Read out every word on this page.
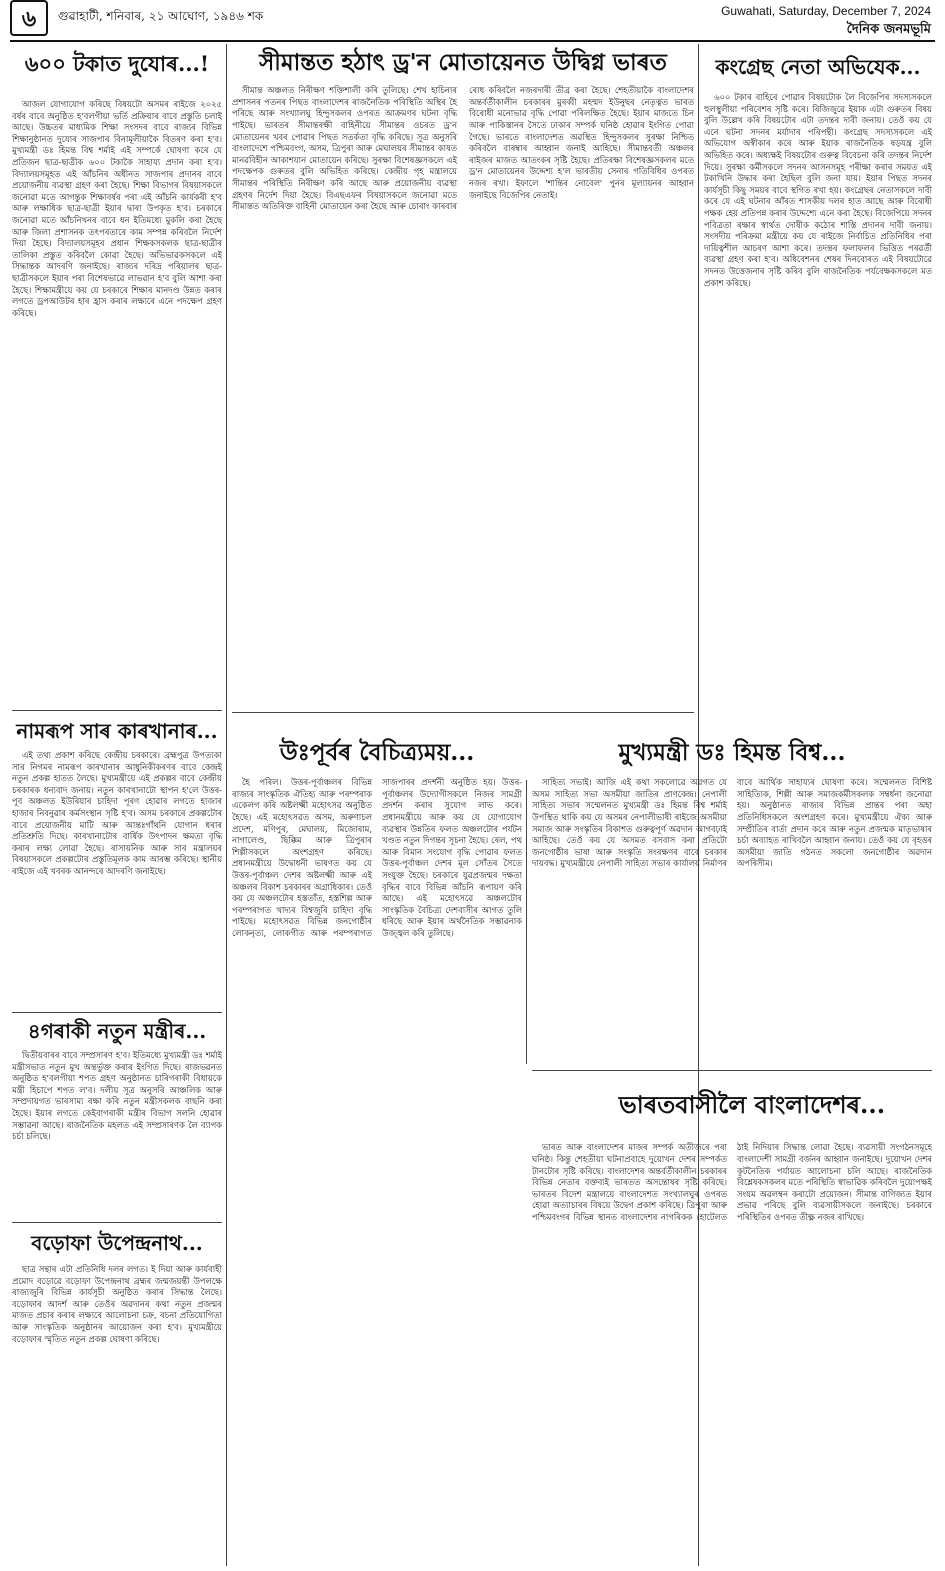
৬	গুৱাহাটী, শনিবাৰ, ২১ আঘোণ, ১৯৪৬ শক	Guwahati, Saturday, December 7, 2024
দৈনিক জনমভূমি
৬০০ টকাত দুযোৰ...!

আজল যোগাযোগ কৰিছে বিষয়টো অসমৰ ৰাইজে ২০২৫ বৰ্ষৰ বাবে অনুষ্ঠিত হ'বলগীয়া ভৰ্তি প্ৰক্ৰিয়াৰ বাবে প্ৰস্তুতি চলাই আছে। উচ্চতৰ মাধ্যমিক শিক্ষা সংসদৰ বাবে ৰাজ্যৰ বিভিন্ন শিক্ষানুষ্ঠানত দুযোৰ সাজপাৰ বিনামূলীয়াকৈ বিতৰণ কৰা হ'ব। মুখ্যমন্ত্ৰী ডঃ হিমন্ত বিশ্ব শৰ্মাই এই সম্পৰ্কে ঘোষণা কৰে যে প্ৰতিজন ছাত্ৰ-ছাত্ৰীক ৬০০ টকাকৈ সাহায্য প্ৰদান কৰা হ'ব। বিদ্যালয়সমূহত এই আঁচনিৰ অধীনত সাজপাৰ প্ৰদানৰ বাবে প্ৰয়োজনীয় ব্যৱস্থা গ্ৰহণ কৰা হৈছে। শিক্ষা বিভাগৰ বিষয়াসকলে জনোৱা মতে আগন্তুক শিক্ষাবৰ্ষৰ পৰা এই আঁচনি কাৰ্যকৰী হ'ব আৰু লক্ষাধিক ছাত্ৰ-ছাত্ৰী ইয়াৰ দ্বাৰা উপকৃত হ'ব। চৰকাৰে জনোৱা মতে আঁচনিখনৰ বাবে ধন ইতিমধ্যে মুকলি কৰা হৈছে আৰু জিলা প্ৰশাসনক তৎপৰতাৰে কাম সম্পন্ন কৰিবলৈ নিৰ্দেশ দিয়া হৈছে। বিদ্যালয়সমূহৰ প্ৰধান শিক্ষকসকলক ছাত্ৰ-ছাত্ৰীৰ তালিকা প্ৰস্তুত কৰিবলৈ কোৱা হৈছে। অভিভাৱকসকলে এই সিদ্ধান্তক আদৰণি জনাইছে। ৰাজ্যৰ দৰিদ্ৰ পৰিয়ালৰ ছাত্ৰ-ছাত্ৰীসকলে ইয়াৰ পৰা বিশেষভাৱে লাভৱান হ'ব বুলি আশা কৰা হৈছে। শিক্ষামন্ত্ৰীয়ে কয় যে চৰকাৰে শিক্ষাৰ মানদণ্ড উন্নত কৰাৰ লগতে ড্ৰপআউটৰ হাৰ হ্ৰাস কৰাৰ লক্ষ্যৰে এনে পদক্ষেপ গ্ৰহণ কৰিছে।

নামৰূপ সাৰ কাৰখানাৰ...

এই তথ্য প্ৰকাশ কৰিছে কেন্দ্ৰীয় চৰকাৰে। ব্ৰহ্মপুত্ৰ উপত্যকা সাৰ নিগমৰ নামৰূপ কাৰখানাৰ আধুনিকীকৰণৰ বাবে কেন্দ্ৰই নতুন প্ৰকল্প হাতত লৈছে। মুখ্যমন্ত্ৰীয়ে এই প্ৰকল্পৰ বাবে কেন্দ্ৰীয় চৰকাৰক ধন্যবাদ জনায়। নতুন কাৰখানাটো স্থাপন হ'লে উত্তৰ-পূব অঞ্চলত ইউৰিয়াৰ চাহিদা পূৰণ হোৱাৰ লগতে হাজাৰ হাজাৰ নিবনুৱাৰ কৰ্মসংস্থান সৃষ্টি হ'ব। অসম চৰকাৰে প্ৰকল্পটোৰ বাবে প্ৰয়োজনীয় মাটি আৰু আন্তঃগাঁথনি যোগান ধৰাৰ প্ৰতিশ্ৰুতি দিছে। কাৰখানাটোৰ বাৰ্ষিক উৎপাদন ক্ষমতা বৃদ্ধি কৰাৰ লক্ষ্য লোৱা হৈছে। ৰাসায়নিক আৰু সাৰ মন্ত্ৰালয়ৰ বিষয়াসকলে প্ৰকল্পটোৰ প্ৰস্তুতিমূলক কাম আৰম্ভ কৰিছে। স্থানীয় ৰাইজে এই খবৰক আনন্দৰে আদৰণি জনাইছে।

৪গৰাকী নতুন মন্ত্ৰীৰ...

দ্বিতীয়বাৰৰ বাবে সম্প্ৰসাৰণ হ'ব। ইতিমধ্যে মুখ্যমন্ত্ৰী ডঃ শৰ্মাই মন্ত্ৰীসভাত নতুন মুখ অন্তৰ্ভুক্ত কৰাৰ ইংগিত দিছে। ৰাজভৱনত অনুষ্ঠিত হ'বলগীয়া শপত গ্ৰহণ অনুষ্ঠানত চাৰিগৰাকী বিধায়কে মন্ত্ৰী হিচাপে শপত ল'ব। দলীয় সূত্ৰ অনুসৰি আঞ্চলিক আৰু সম্প্ৰদায়গত ভাৰসাম্য ৰক্ষা কৰি নতুন মন্ত্ৰীসকলক বাছনি কৰা হৈছে। ইয়াৰ লগতে কেইবাগৰাকী মন্ত্ৰীৰ বিভাগ সলনি হোৱাৰ সম্ভাৱনা আছে। ৰাজনৈতিক মহলত এই সম্প্ৰসাৰণক লৈ ব্যাপক চৰ্চা চলিছে।

বড়োফা উপেন্দ্ৰনাথ...

ছাত্ৰ সন্থাৰ এটা প্ৰতিনিধি দলৰ লগত। ই দিয়া আৰু কাৰ্যবাহী প্ৰমোদ বড়োৱে বড়োফা উপেন্দ্ৰনাথ ব্ৰহ্মৰ জন্মজয়ন্তী উপলক্ষে ৰাজ্যজুৰি বিভিন্ন কাৰ্যসূচী অনুষ্ঠিত কৰাৰ সিদ্ধান্ত লৈছে। বড়োফাৰ আদৰ্শ আৰু তেওঁৰ অৱদানৰ কথা নতুন প্ৰজন্মৰ মাজত প্ৰচাৰ কৰাৰ লক্ষ্যৰে আলোচনা চক্ৰ, ৰচনা প্ৰতিযোগিতা আৰু সাংস্কৃতিক অনুষ্ঠানৰ আয়োজন কৰা হ'ব। মুখ্যমন্ত্ৰীয়ে বড়োফাৰ স্মৃতিত নতুন প্ৰকল্প ঘোষণা কৰিছে।

সীমান্তত হঠাৎ ড্ৰ'ন মোতায়েনত উদ্বিগ্ন ভাৰত

সীমান্ত অঞ্চলত নিৰীক্ষণ শক্তিশালী কৰি তুলিছে। শেখ হাচিনাৰ প্ৰশাসনৰ পতনৰ পিছত বাংলাদেশৰ ৰাজনৈতিক পৰিস্থিতি অস্থিৰ হৈ পৰিছে আৰু সংখ্যালঘু হিন্দুসকলৰ ওপৰত আক্ৰমণৰ ঘটনা বৃদ্ধি পাইছে। ভাৰতৰ সীমান্তৰক্ষী বাহিনীয়ে সীমান্তৰ ওচৰত ড্ৰ'ন মোতায়েনৰ খবৰ পোৱাৰ পিছত সতৰ্কতা বৃদ্ধি কৰিছে। সূত্ৰ অনুসৰি বাংলাদেশে পশ্চিমবংগ, অসম, ত্ৰিপুৰা আৰু মেঘালয়ৰ সীমান্তৰ কাষত মানৱবিহীন আকাশযান মোতায়েন কৰিছে। সুৰক্ষা বিশেষজ্ঞসকলে এই পদক্ষেপক গুৰুতৰ বুলি অভিহিত কৰিছে। কেন্দ্ৰীয় গৃহ মন্ত্ৰালয়ে সীমান্তৰ পৰিস্থিতি নিৰীক্ষণ কৰি আছে আৰু প্ৰয়োজনীয় ব্যৱস্থা গ্ৰহণৰ নিৰ্দেশ দিয়া হৈছে। বিএছএফৰ বিষয়াসকলে জনোৱা মতে সীমান্তত অতিৰিক্ত বাহিনী মোতায়েন কৰা হৈছে আৰু চোৰাং কাৰবাৰ ৰোধ কৰিবলৈ নজৰদাৰী তীব্ৰ কৰা হৈছে। শেহতীয়াকৈ বাংলাদেশৰ অন্তৰ্বৰ্তীকালীন চৰকাৰৰ মুৰব্বী মহম্মদ ইউনুছৰ নেতৃত্বত ভাৰত বিৰোধী মনোভাৱ বৃদ্ধি পোৱা পৰিলক্ষিত হৈছে। ইয়াৰ মাজতে চিন আৰু পাকিস্তানৰ সৈতে ঢাকাৰ সম্পৰ্ক ঘনিষ্ঠ হোৱাৰ ইংগিত পোৱা গৈছে। ভাৰতে বাংলাদেশত অৱস্থিত হিন্দুসকলৰ সুৰক্ষা নিশ্চিত কৰিবলৈ বাৰম্বাৰ আহ্বান জনাই আহিছে। সীমান্তবৰ্তী অঞ্চলৰ ৰাইজৰ মাজত আতংকৰ সৃষ্টি হৈছে। প্ৰতিৰক্ষা বিশেষজ্ঞসকলৰ মতে ড্ৰ'ন মোতায়েনৰ উদ্দেশ্য হ'ল ভাৰতীয় সেনাৰ গতিবিধিৰ ওপৰত নজৰ ৰখা। ইফালে 'শান্তিৰ নোবেল' পুনৰ মূল্যায়নৰ আহ্বান জনাইছে বিজেপিৰ নেতাই।

উঃপূৰ্বৰ বৈচিত্ৰ্যময়...

হৈ পৰিল। উত্তৰ-পূৰ্বাঞ্চলৰ বিভিন্ন ৰাজ্যৰ সাংস্কৃতিক ঐতিহ্য আৰু পৰম্পৰাক একেলগ কৰি অষ্টলক্ষ্মী মহোৎসৱ অনুষ্ঠিত হৈছে। এই মহোৎসৱত অসম, অৰুণাচল প্ৰদেশ, মণিপুৰ, মেঘালয়, মিজোৰাম, নাগালেণ্ড, ছিক্কিম আৰু ত্ৰিপুৰাৰ শিল্পীসকলে অংশগ্ৰহণ কৰিছে। প্ৰধানমন্ত্ৰীয়ে উদ্বোধনী ভাষণত কয় যে উত্তৰ-পূৰ্বাঞ্চল দেশৰ অষ্টলক্ষ্মী আৰু এই অঞ্চলৰ বিকাশ চৰকাৰৰ অগ্ৰাধিকাৰ। তেওঁ কয় যে অঞ্চলটোৰ হস্ততাঁত, হস্তশিল্প আৰু পৰম্পৰাগত খাদ্যৰ বিশ্বজুৰি চাহিদা বৃদ্ধি পাইছে। মহোৎসৱত বিভিন্ন জনগোষ্ঠীৰ লোকনৃত্য, লোকগীত আৰু পৰম্পৰাগত সাজপাৰৰ প্ৰদৰ্শনী অনুষ্ঠিত হয়। উত্তৰ-পূৰ্বাঞ্চলৰ উদ্যোগীসকলে নিজৰ সামগ্ৰী প্ৰদৰ্শন কৰাৰ সুযোগ লাভ কৰে। প্ৰধানমন্ত্ৰীয়ে আৰু কয় যে যোগাযোগ ব্যৱস্থাৰ উন্নতিৰ ফলত অঞ্চলটোৰ পৰ্যটন খণ্ডত নতুন দিগন্তৰ সূচনা হৈছে। ৰেল, পথ আৰু বিমান সংযোগ বৃদ্ধি পোৱাৰ ফলত উত্তৰ-পূৰ্বাঞ্চল দেশৰ মূল সোঁতৰ সৈতে সংযুক্ত হৈছে। চৰকাৰে যুৱপ্ৰজন্মৰ দক্ষতা বৃদ্ধিৰ বাবে বিভিন্ন আঁচনি ৰূপায়ণ কৰি আছে। এই মহোৎসৱে অঞ্চলটোৰ সাংস্কৃতিক বৈচিত্ৰ্য দেশবাসীৰ আগত তুলি ধৰিছে আৰু ইয়াৰ অৰ্থনৈতিক সম্ভাৱনাক উজ্জ্বল কৰি তুলিছে।

মুখ্যমন্ত্ৰী ডঃ হিমন্ত বিশ্ব...

সাহিত্য সভাই। আজি এই কথা সকলোৱে অৱগত যে অসম সাহিত্য সভা অসমীয়া জাতিৰ প্ৰাণকেন্দ্ৰ। নেপালী সাহিত্য সভাৰ সম্মেলনত মুখ্যমন্ত্ৰী ডঃ হিমন্ত বিশ্ব শৰ্মাই উপস্থিত থাকি কয় যে অসমৰ নেপালীভাষী ৰাইজে অসমীয়া সমাজ আৰু সংস্কৃতিৰ বিকাশত গুৰুত্বপূৰ্ণ অৱদান আগবঢ়াই আহিছে। তেওঁ কয় যে অসমত বসবাস কৰা প্ৰতিটো জনগোষ্ঠীৰ ভাষা আৰু সংস্কৃতি সংৰক্ষণৰ বাবে চৰকাৰ দায়বদ্ধ। মুখ্যমন্ত্ৰীয়ে নেপালী সাহিত্য সভাৰ কাৰ্যালয় নিৰ্মাণৰ বাবে আৰ্থিক সাহায্যৰ ঘোষণা কৰে। সম্মেলনত বিশিষ্ট সাহিত্যিক, শিল্পী আৰু সমাজকৰ্মীসকলক সম্বৰ্ধনা জনোৱা হয়। অনুষ্ঠানত ৰাজ্যৰ বিভিন্ন প্ৰান্তৰ পৰা অহা প্ৰতিনিধিসকলে অংশগ্ৰহণ কৰে। মুখ্যমন্ত্ৰীয়ে ঐক্য আৰু সম্প্ৰীতিৰ বাৰ্তা প্ৰদান কৰে আৰু নতুন প্ৰজন্মক মাতৃভাষাৰ চৰ্চা অব্যাহত ৰাখিবলৈ আহ্বান জনায়। তেওঁ কয় যে বৃহত্তৰ অসমীয়া জাতি গঠনত সকলো জনগোষ্ঠীৰ অৱদান অপৰিসীম।

ভাৰতবাসীলৈ বাংলাদেশৰ...

ভাৰত আৰু বাংলাদেশৰ মাজৰ সম্পৰ্ক অতীজৰে পৰা ঘনিষ্ঠ। কিন্তু শেহতীয়া ঘটনাপ্ৰবাহে দুয়োখন দেশৰ সম্পৰ্কত টানটোৰ সৃষ্টি কৰিছে। বাংলাদেশৰ অন্তৰ্বৰ্তীকালীন চৰকাৰৰ বিভিন্ন নেতাৰ বক্তব্যই ভাৰতত অসন্তোষৰ সৃষ্টি কৰিছে। ভাৰতৰ বিদেশ মন্ত্ৰালয়ে বাংলাদেশত সংখ্যালঘুৰ ওপৰত হোৱা অত্যাচাৰৰ বিষয়ে উদ্বেগ প্ৰকাশ কৰিছে। ত্ৰিপুৰা আৰু পশ্চিমবংগৰ বিভিন্ন স্থানত বাংলাদেশৰ নাগৰিকক হোটেলত ঠাই নিদিয়াৰ সিদ্ধান্ত লোৱা হৈছে। ব্যৱসায়ী সংগঠনসমূহে বাংলাদেশী সামগ্ৰী বৰ্জনৰ আহ্বান জনাইছে। দুয়োখন দেশৰ কূটনৈতিক পৰ্যায়ত আলোচনা চলি আছে। ৰাজনৈতিক বিশ্লেষকসকলৰ মতে পৰিস্থিতি স্বাভাৱিক কৰিবলৈ দুয়োপক্ষই সংযম অৱলম্বন কৰাটো প্ৰয়োজন। সীমান্ত বাণিজ্যত ইয়াৰ প্ৰভাৱ পৰিছে বুলি ব্যৱসায়ীসকলে জনাইছে। চৰকাৰে পৰিস্থিতিৰ ওপৰত তীক্ষ্ণ নজৰ ৰাখিছে।

কংগ্ৰেছ নেতা অভিযেক...

৬০০ টকাৰ বাহিৰে পোৱাৰ বিষয়টোক লৈ বিজেপিৰ সদস্যসকলে হুলস্থুলীয়া পৰিবেশৰ সৃষ্টি কৰে। ৰিজিজুৱে ইয়াক এটা গুৰুতৰ বিষয় বুলি উল্লেখ কৰি বিষয়টোৰ এটা তদন্তৰ দাবী জনায়। তেওঁ কয় যে এনে ঘটনা সদনৰ মৰ্যাদাৰ পৰিপন্থী। কংগ্ৰেছ সদস্যসকলে এই অভিযোগ অস্বীকাৰ কৰে আৰু ইয়াক ৰাজনৈতিক ষড়যন্ত্ৰ বুলি অভিহিত কৰে। অধ্যক্ষই বিষয়টোৰ গুৰুত্ব বিবেচনা কৰি তদন্তৰ নিৰ্দেশ দিয়ে। সুৰক্ষা কৰ্মীসকলে সদনৰ আসনসমূহ পৰীক্ষা কৰাৰ সময়ত এই টকাখিনি উদ্ধাৰ কৰা হৈছিল বুলি জনা যায়। ইয়াৰ পিছত সদনৰ কাৰ্যসূচী কিছু সময়ৰ বাবে স্থগিত ৰখা হয়। কংগ্ৰেছৰ নেতাসকলে দাবী কৰে যে এই ঘটনাৰ আঁৰত শাসকীয় দলৰ হাত আছে আৰু বিৰোধী পক্ষক হেয় প্ৰতিপন্ন কৰাৰ উদ্দেশ্যে এনে কৰা হৈছে। বিজেপিয়ে সদনৰ পবিত্ৰতা ৰক্ষাৰ স্বাৰ্থত দোষীক কঠোৰ শাস্তি প্ৰদানৰ দাবী জনায়। সংসদীয় পৰিক্ৰমা মন্ত্ৰীয়ে কয় যে ৰাইজে নিৰ্বাচিত প্ৰতিনিধিৰ পৰা দায়িত্বশীল আচৰণ আশা কৰে। তদন্তৰ ফলাফলৰ ভিত্তিত পৰৱৰ্তী ব্যৱস্থা গ্ৰহণ কৰা হ'ব। অধিবেশনৰ শেষৰ দিনবোৰত এই বিষয়টোৱে সদনত উত্তেজনাৰ সৃষ্টি কৰিব বুলি ৰাজনৈতিক পৰ্যবেক্ষকসকলে মত প্ৰকাশ কৰিছে।
